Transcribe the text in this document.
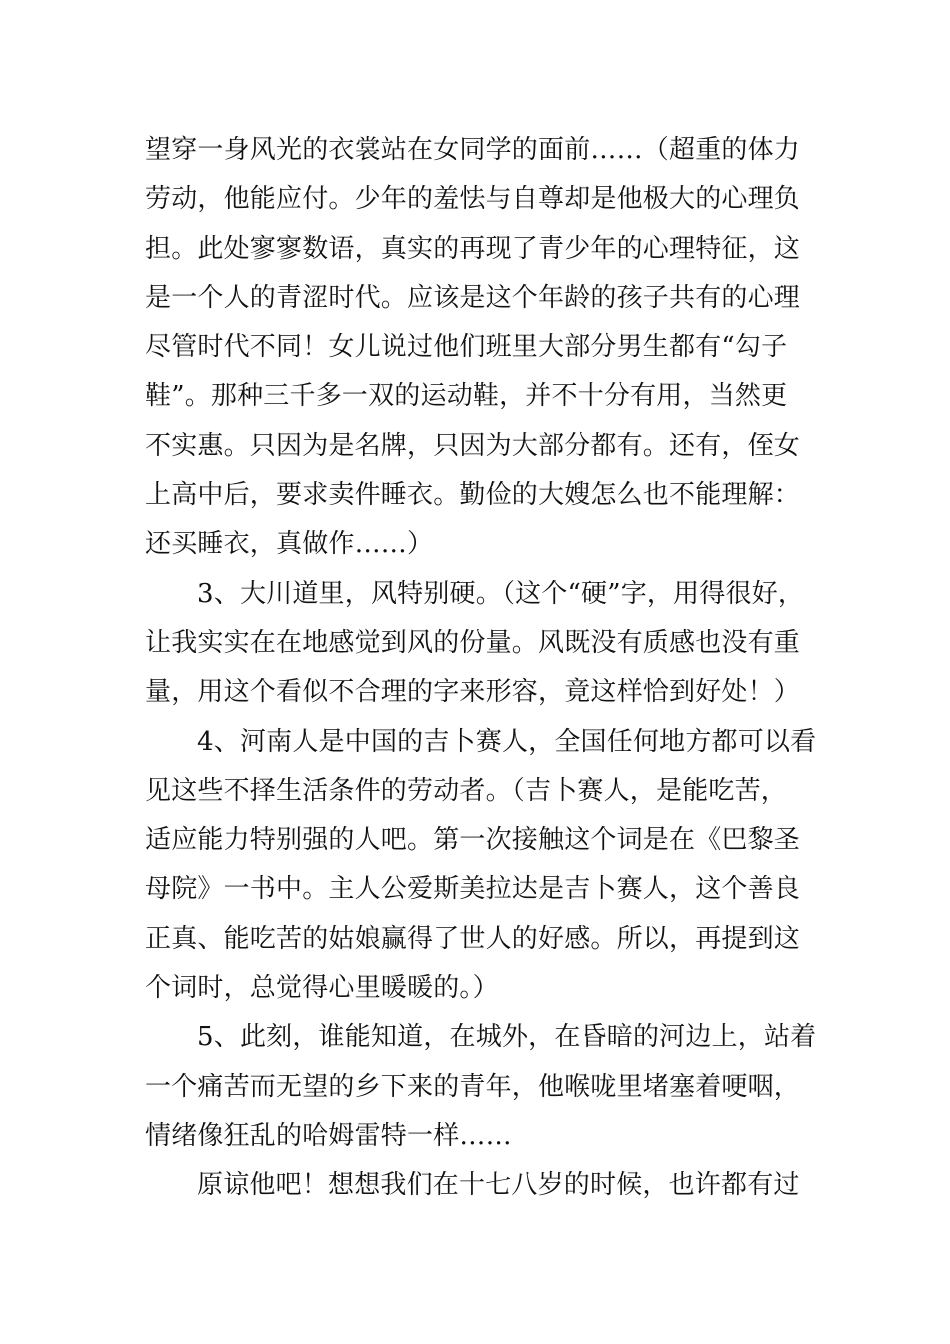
望穿一身风光的衣裳站在女同学的面前……（超重的体力
劳动，他能应付。少年的羞怯与自尊却是他极大的心理负
担。此处寥寥数语，真实的再现了青少年的心理特征，这
是一个人的青涩时代。应该是这个年龄的孩子共有的心理
尽管时代不同！女儿说过他们班里大部分男生都有“勾子
鞋”。那种三千多一双的运动鞋，并不十分有用，当然更
不实惠。只因为是名牌，只因为大部分都有。还有，侄女
上高中后，要求卖件睡衣。勤俭的大嫂怎么也不能理解：
还买睡衣，真做作……）
3、大川道里，风特别硬。（这个“硬”字，用得很好，
让我实实在在地感觉到风的份量。风既没有质感也没有重
量，用这个看似不合理的字来形容，竟这样恰到好处！）
4、河南人是中国的吉卜赛人，全国任何地方都可以看
见这些不择生活条件的劳动者。（吉卜赛人，是能吃苦，
适应能力特别强的人吧。第一次接触这个词是在《巴黎圣
母院》一书中。主人公爱斯美拉达是吉卜赛人，这个善良
正真、能吃苦的姑娘赢得了世人的好感。所以，再提到这
个词时，总觉得心里暖暖的。）
5、此刻，谁能知道，在城外，在昏暗的河边上，站着
一个痛苦而无望的乡下来的青年，他喉咙里堵塞着哽咽，
情绪像狂乱的哈姆雷特一样……
原谅他吧！想想我们在十七八岁的时候，也许都有过
